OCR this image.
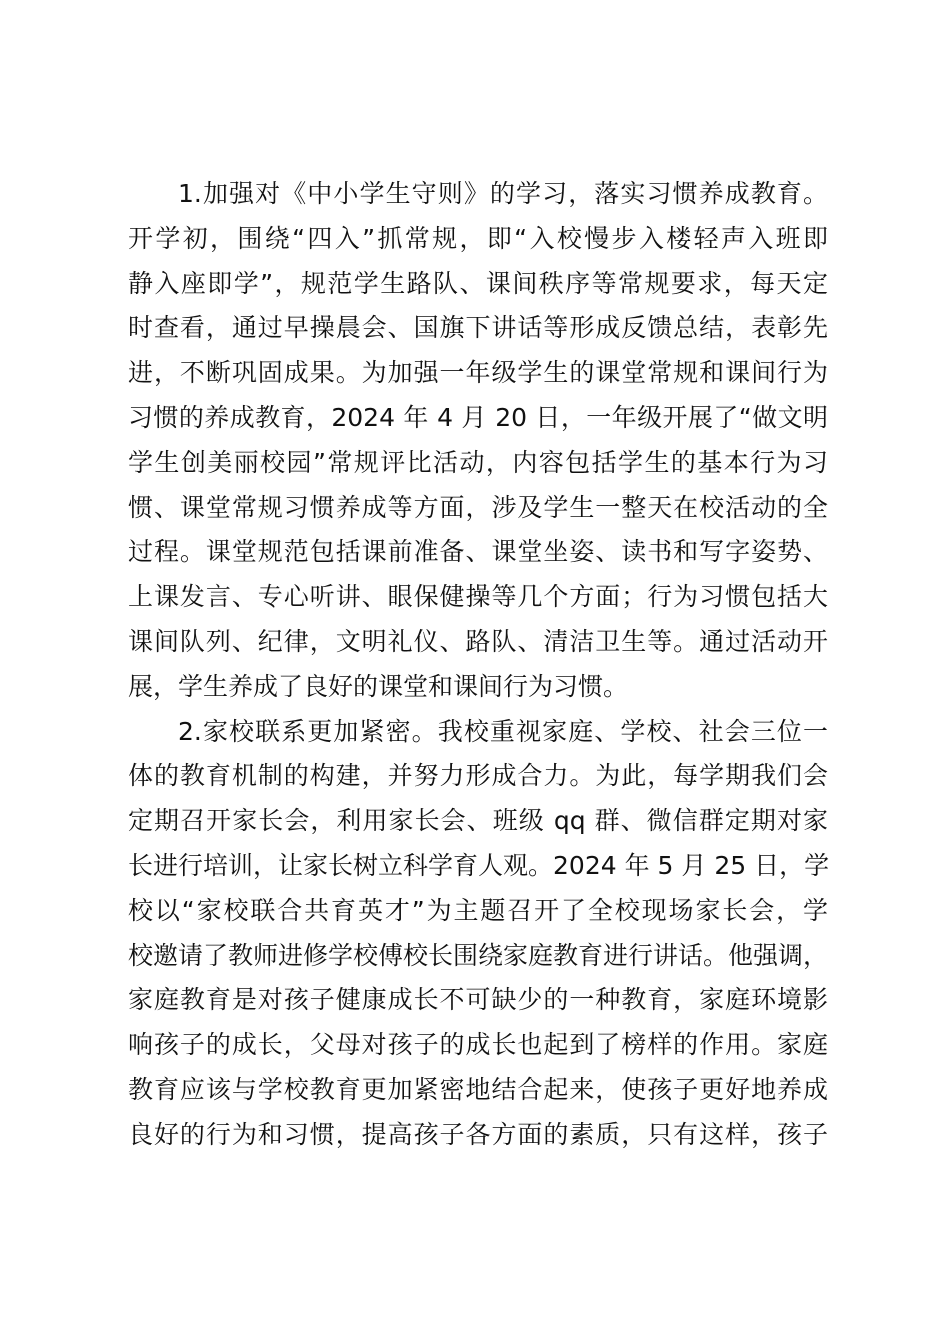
1.加强对《中小学生守则》的学习，落实习惯养成教育。
开学初，围绕“四入”抓常规，即“入校慢步入楼轻声入班即
静入座即学”，规范学生路队、课间秩序等常规要求，每天定
时查看，通过早操晨会、国旗下讲话等形成反馈总结，表彰先
进，不断巩固成果。为加强一年级学生的课堂常规和课间行为
习惯的养成教育，2024 年 4 月 20 日，一年级开展了“做文明
学生创美丽校园”常规评比活动，内容包括学生的基本行为习
惯、课堂常规习惯养成等方面，涉及学生一整天在校活动的全
过程。课堂规范包括课前准备、课堂坐姿、读书和写字姿势、
上课发言、专心听讲、眼保健操等几个方面；行为习惯包括大
课间队列、纪律，文明礼仪、路队、清洁卫生等。通过活动开
展，学生养成了良好的课堂和课间行为习惯。
2.家校联系更加紧密。我校重视家庭、学校、社会三位一
体的教育机制的构建，并努力形成合力。为此，每学期我们会
定期召开家长会，利用家长会、班级 qq 群、微信群定期对家
长进行培训，让家长树立科学育人观。2024 年 5 月 25 日，学
校以“家校联合共育英才”为主题召开了全校现场家长会，学
校邀请了教师进修学校傅校长围绕家庭教育进行讲话。他强调，
家庭教育是对孩子健康成长不可缺少的一种教育，家庭环境影
响孩子的成长，父母对孩子的成长也起到了榜样的作用。家庭
教育应该与学校教育更加紧密地结合起来，使孩子更好地养成
良好的行为和习惯，提高孩子各方面的素质，只有这样，孩子
